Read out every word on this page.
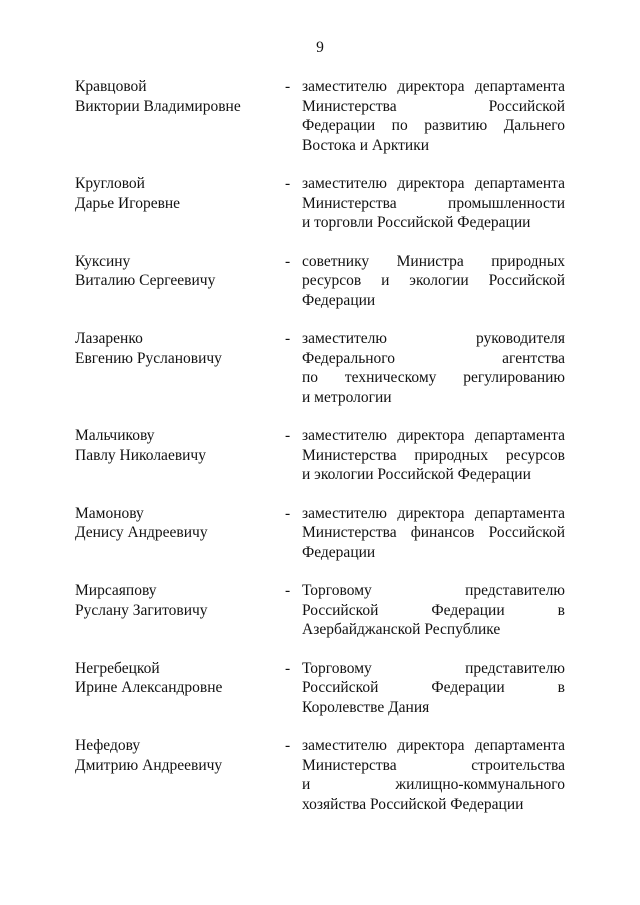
9
Кравцовой
Виктории Владимировне
- заместителю директора департамента
Министерства Российской
Федерации по развитию Дальнего
Востока и Арктики
Кругловой
Дарье Игоревне
- заместителю директора департамента
Министерства промышленности
и торговли Российской Федерации
Куксину
Виталию Сергеевичу
- советнику Министра природных
ресурсов и экологии Российской
Федерации
Лазаренко
Евгению Руслановичу
- заместителю руководителя
Федерального агентства
по техническому регулированию
и метрологии
Мальчикову
Павлу Николаевичу
- заместителю директора департамента
Министерства природных ресурсов
и экологии Российской Федерации
Мамонову
Денису Андреевичу
- заместителю директора департамента
Министерства финансов Российской
Федерации
Мирсаяпову
Руслану Загитовичу
- Торговому представителю
Российской Федерации в
Азербайджанской Республике
Негребецкой
Ирине Александровне
- Торговому представителю
Российской Федерации в
Королевстве Дания
Нефедову
Дмитрию Андреевичу
- заместителю директора департамента
Министерства строительства
и жилищно-коммунального
хозяйства Российской Федерации
